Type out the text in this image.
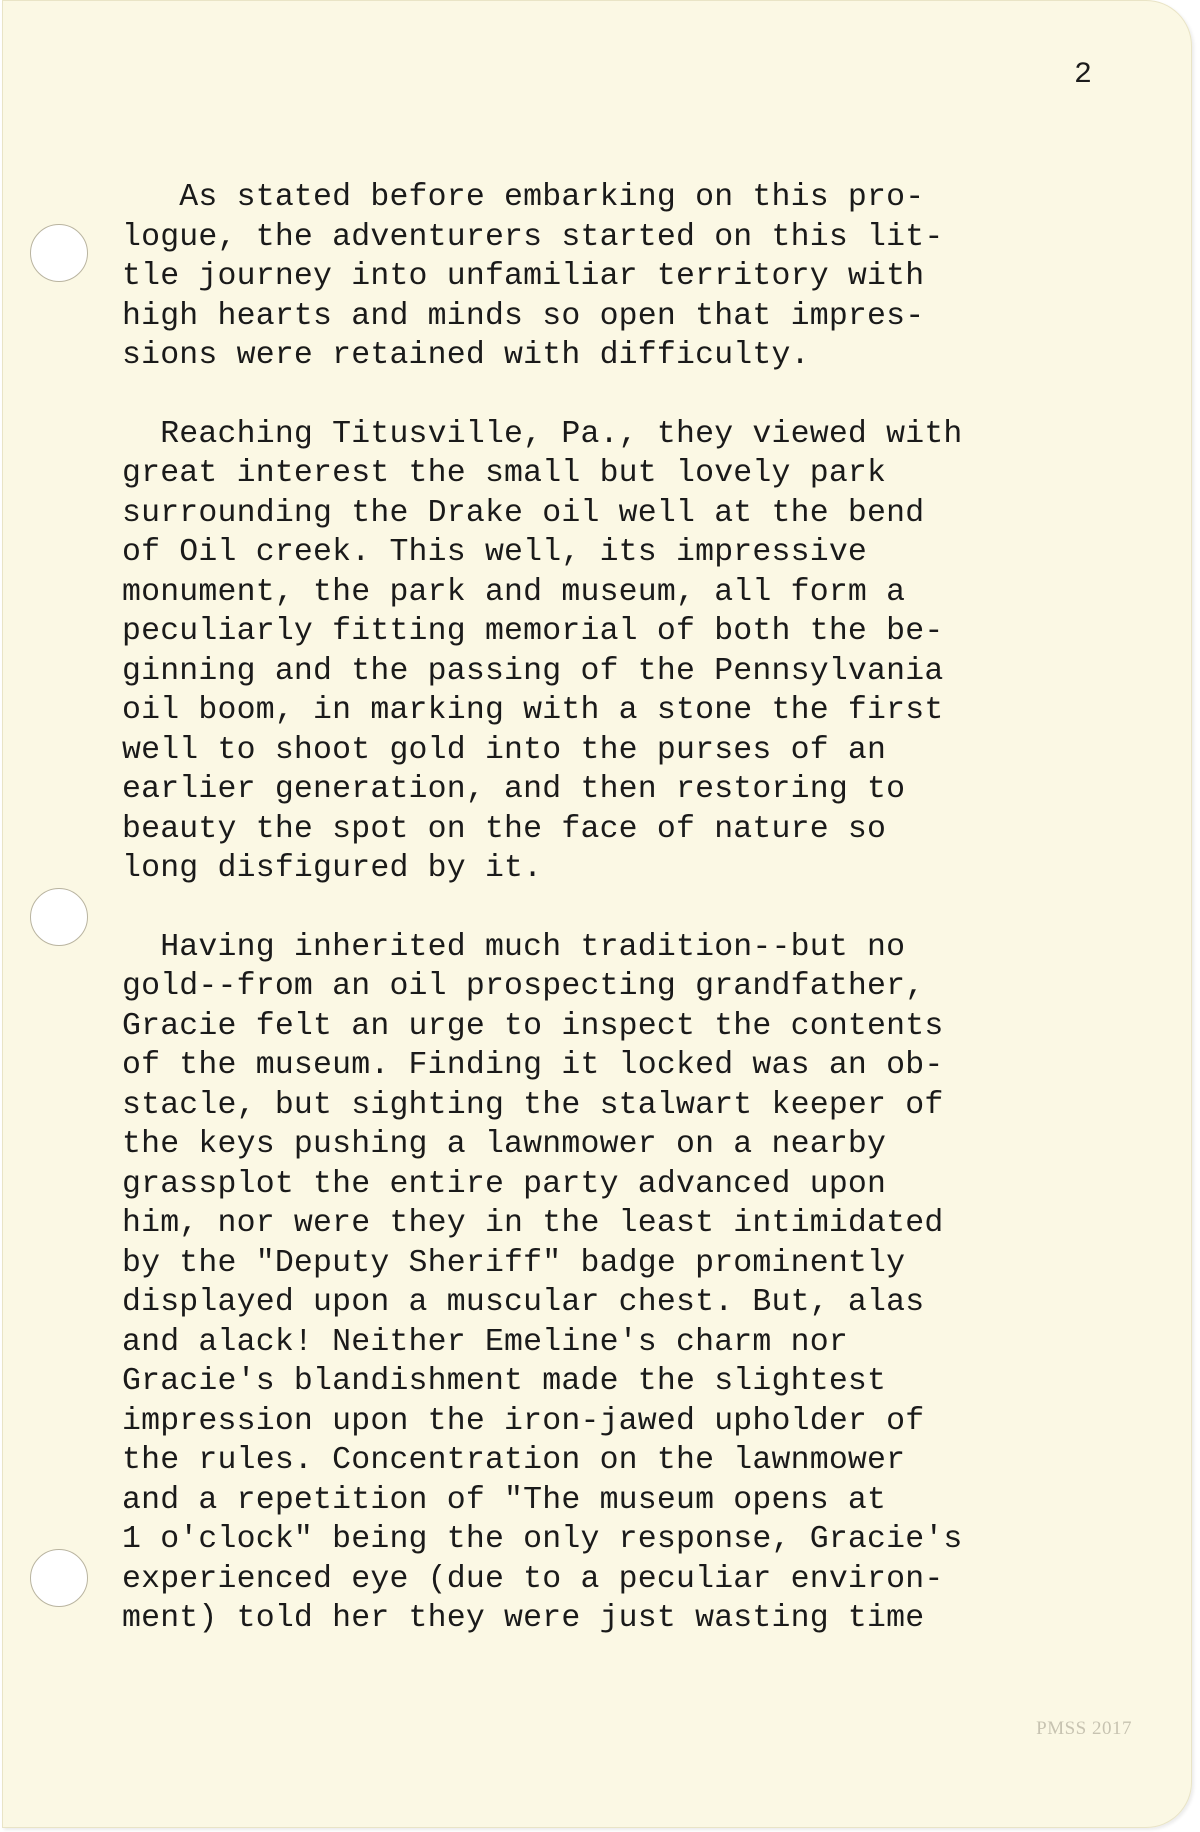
2
As stated before embarking on this pro-
logue, the adventurers started on this lit-
tle journey into unfamiliar territory with
high hearts and minds so open that impres-
sions were retained with difficulty.
Reaching Titusville, Pa., they viewed with
great interest the small but lovely park
surrounding the Drake oil well at the bend
of Oil creek. This well, its impressive
monument, the park and museum, all form a
peculiarly fitting memorial of both the be-
ginning and the passing of the Pennsylvania
oil boom, in marking with a stone the first
well to shoot gold into the purses of an
earlier generation, and then restoring to
beauty the spot on the face of nature so
long disfigured by it.
Having inherited much tradition--but no
gold--from an oil prospecting grandfather,
Gracie felt an urge to inspect the contents
of the museum. Finding it locked was an ob-
stacle, but sighting the stalwart keeper of
the keys pushing a lawnmower on a nearby
grassplot the entire party advanced upon
him, nor were they in the least intimidated
by the "Deputy Sheriff" badge prominently
displayed upon a muscular chest. But, alas
and alack! Neither Emeline's charm nor
Gracie's blandishment made the slightest
impression upon the iron-jawed upholder of
the rules. Concentration on the lawnmower
and a repetition of "The museum opens at
1 o'clock" being the only response, Gracie's
experienced eye (due to a peculiar environ-
ment) told her they were just wasting time
PMSS 2017
